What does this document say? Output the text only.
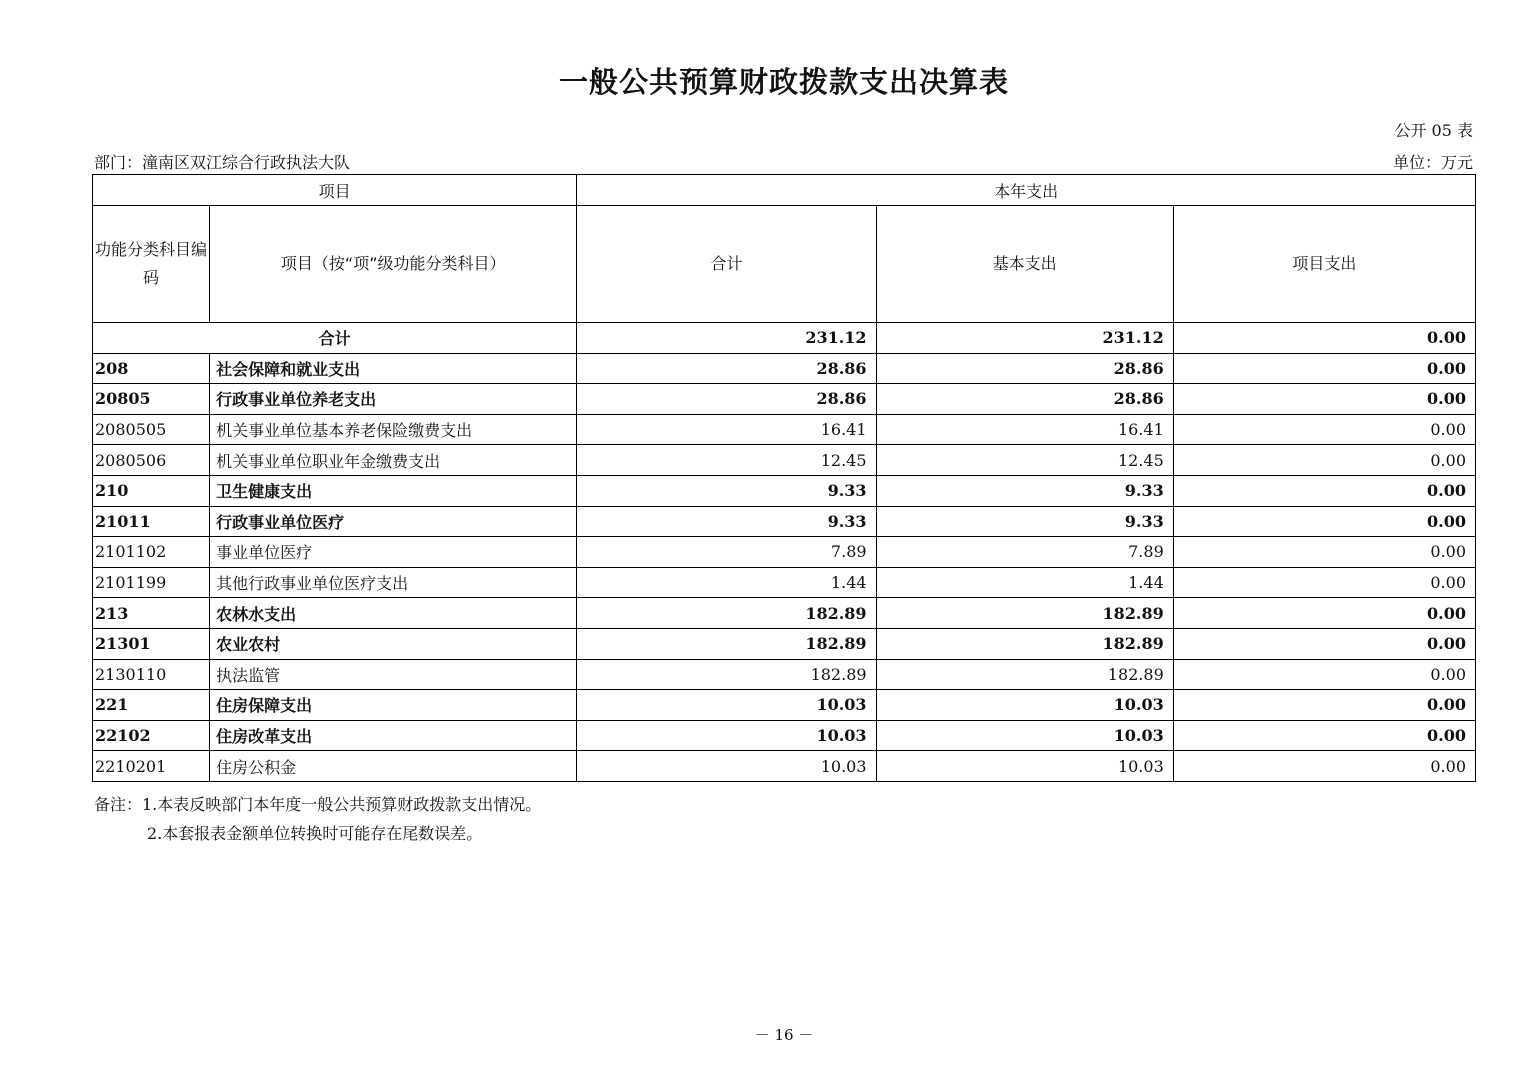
一般公共预算财政拨款支出决算表
公开 05 表
部门：潼南区双江综合行政执法大队	单位：万元
项目		本年支出		
功能分类科目编码	项目（按“项”级功能分类科目）	合计	基本支出	项目支出
合计		231.12	231.12	0.00
208	社会保障和就业支出	28.86	28.86	0.00
20805	行政事业单位养老支出	28.86	28.86	0.00
2080505	机关事业单位基本养老保险缴费支出	16.41	16.41	0.00
2080506	机关事业单位职业年金缴费支出	12.45	12.45	0.00
210	卫生健康支出	9.33	9.33	0.00
21011	行政事业单位医疗	9.33	9.33	0.00
2101102	事业单位医疗	7.89	7.89	0.00
2101199	其他行政事业单位医疗支出	1.44	1.44	0.00
213	农林水支出	182.89	182.89	0.00
21301	农业农村	182.89	182.89	0.00
2130110	执法监管	182.89	182.89	0.00
221	住房保障支出	10.03	10.03	0.00
22102	住房改革支出	10.03	10.03	0.00
2210201	住房公积金	10.03	10.03	0.00
备注：1.本表反映部门本年度一般公共预算财政拨款支出情况。
2.本套报表金额单位转换时可能存在尾数误差。
－ 16 －
